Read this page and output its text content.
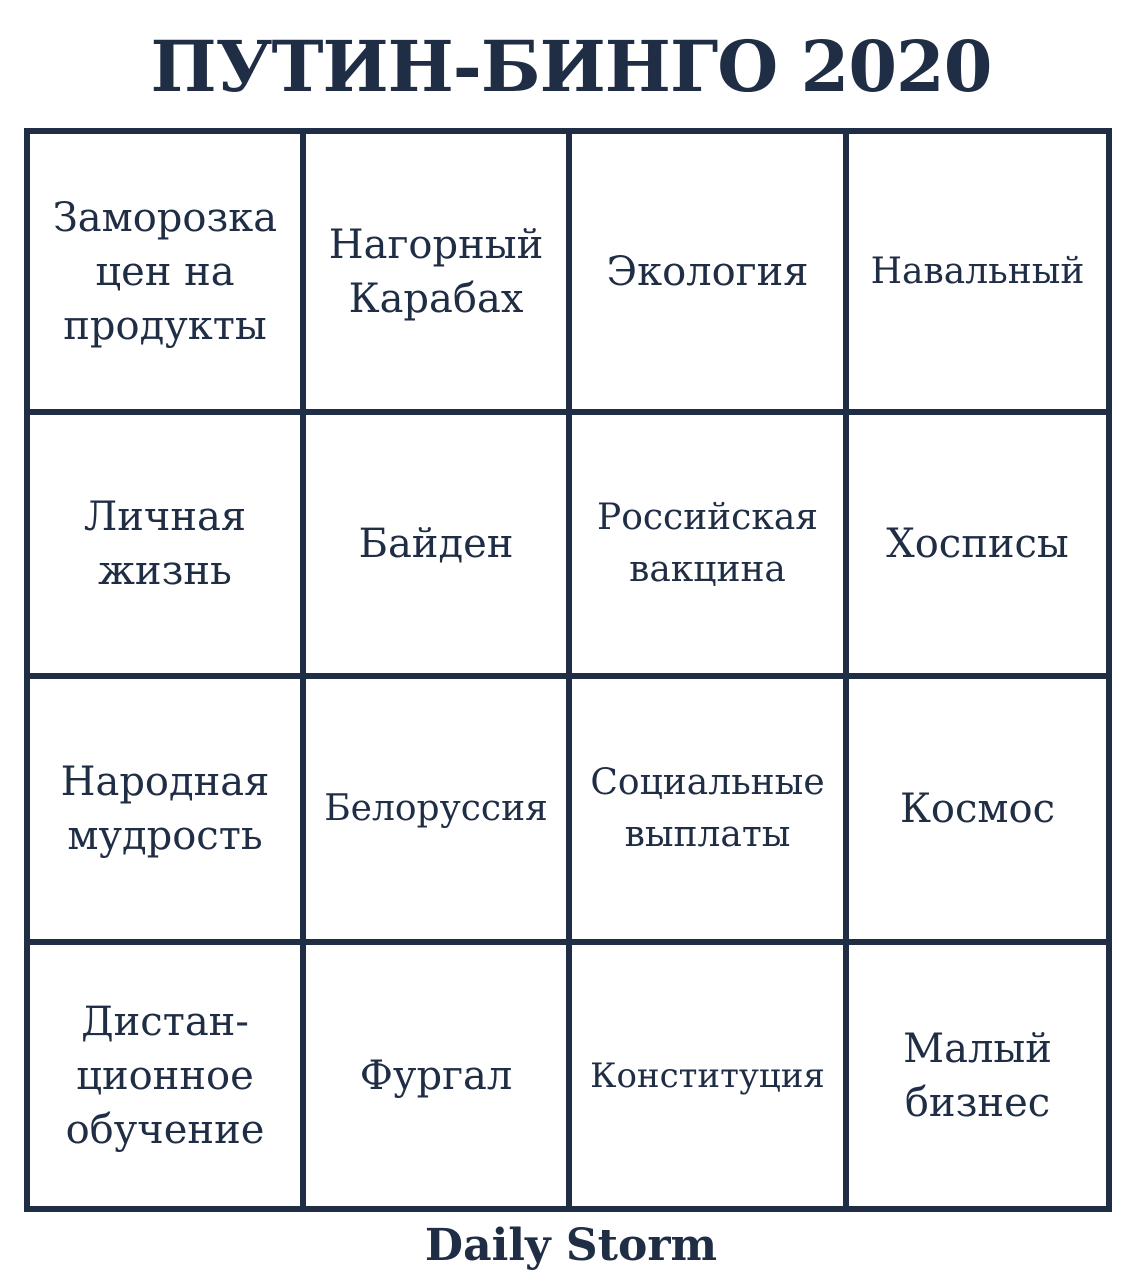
ПУТИН-БИНГО 2020
Заморозка
цен на
продукты
Нагорный
Карабах
Экология	Навальный
Личная
жизнь
Байден
Российская
вакцина
Хосписы
Народная
мудрость
Белоруссия
Социальные
выплаты
Космос
Дистан-
ционное
обучение
Фургал	Конституция
Малый
бизнес
Daily Storm
